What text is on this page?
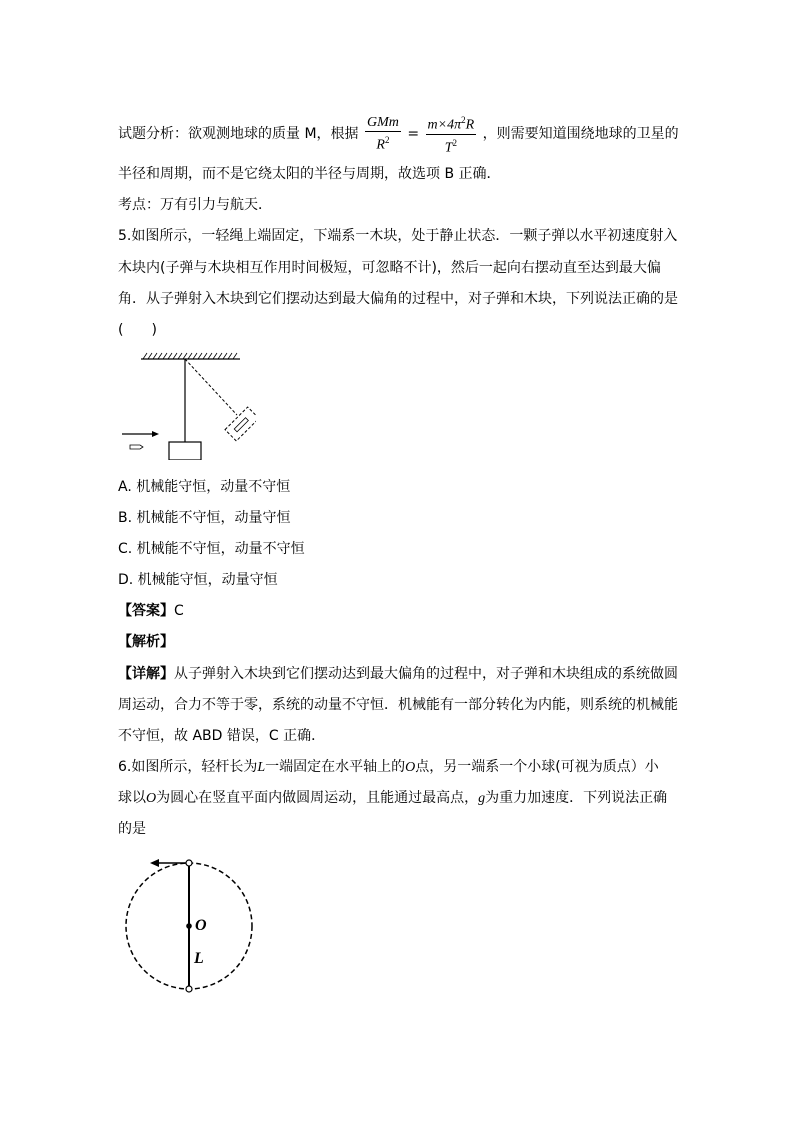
试题分析：欲观测地球的质量 M，根据 $\frac{\text{GMm}}{R^2} = \frac{m\times 4\pi^2R}{T^2}$ ，则需要知道围绕地球的卫星的
半径和周期，而不是它绕太阳的半径与周期，故选项 B 正确．
考点：万有引力与航天．
5.如图所示，一轻绳上端固定，下端系一木块，处于静止状态．一颗子弹以水平初速度射入
木块内(子弹与木块相互作用时间极短，可忽略不计)，然后一起向右摆动直至达到最大偏
角．从子弹射入木块到它们摆动达到最大偏角的过程中，对子弹和木块，下列说法正确的是
(　　)
A. 机械能守恒，动量不守恒
B. 机械能不守恒，动量守恒
C. 机械能不守恒，动量不守恒
D. 机械能守恒，动量守恒
【答案】C
【解析】
【详解】从子弹射入木块到它们摆动达到最大偏角的过程中，对子弹和木块组成的系统做圆
周运动，合力不等于零，系统的动量不守恒．机械能有一部分转化为内能，则系统的机械能
不守恒，故 ABD 错误，C 正确．
6.如图所示，轻杆长为L一端固定在水平轴上的O点，另一端系一个小球(可视为质点）小
球以O为圆心在竖直平面内做圆周运动，且能通过最高点，g为重力加速度．下列说法正确
的是
O
L
